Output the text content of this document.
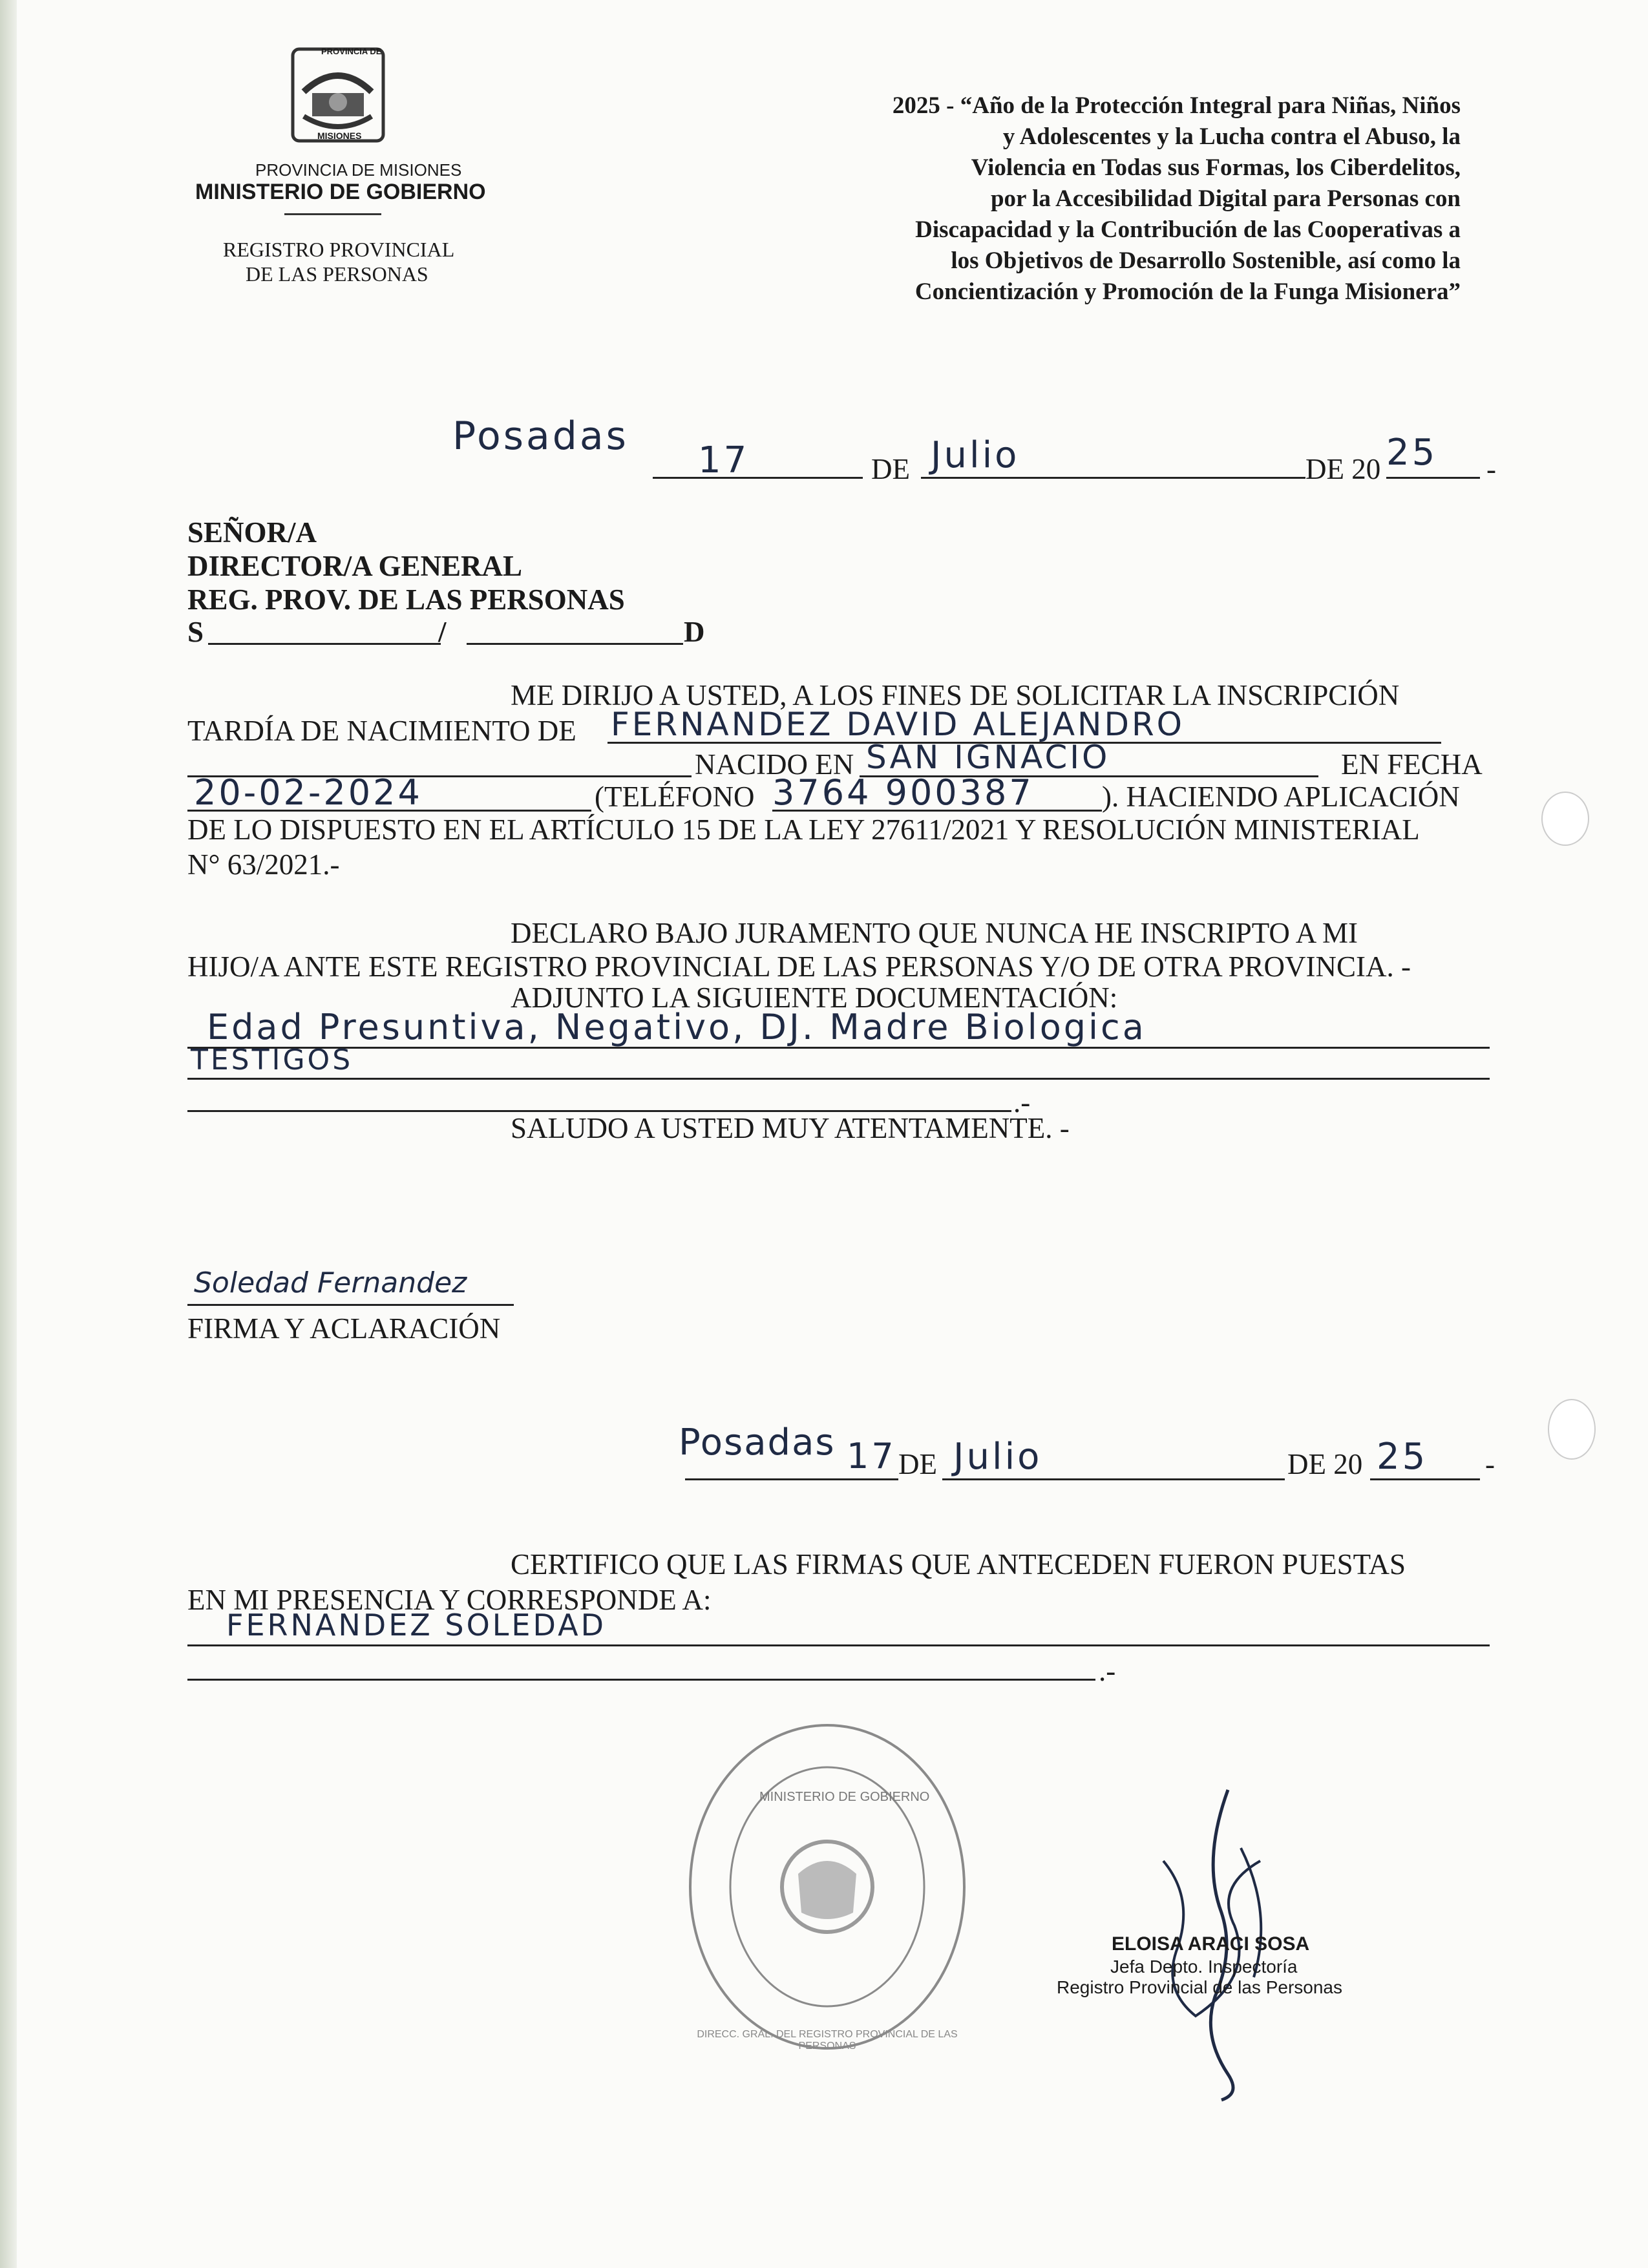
PROVINCIA DE
MISIONES
PROVINCIA DE MISIONES
MINISTERIO DE GOBIERNO
REGISTRO PROVINCIAL
DE LAS PERSONAS
2025 - “Año de la Protección Integral para Niñas, Niños
y Adolescentes y la Lucha contra el Abuso, la
Violencia en Todas sus Formas, los Ciberdelitos,
por la Accesibilidad Digital para Personas con
Discapacidad y la Contribución de las Cooperativas a
los Objetivos de Desarrollo Sostenible, así como la
Concientización y Promoción de la Funga Misionera”
Posadas
17	DE Julio	DE 20 25 -
SEÑOR/A
DIRECTOR/A GENERAL
REG. PROV. DE LAS PERSONAS
S	/	D
ME DIRIJO A USTED, A LOS FINES DE SOLICITAR LA INSCRIPCIÓN
TARDÍA DE NACIMIENTO DE FERNANDEZ DAVID ALEJANDRO
NACIDO EN SAN IGNACIO	EN FECHA
20-02-2024	(TELÉFONO 3764 900387 ). HACIENDO APLICACIÓN
DE LO DISPUESTO EN EL ARTÍCULO 15 DE LA LEY 27611/2021 Y RESOLUCIÓN MINISTERIAL
N° 63/2021.-
DECLARO BAJO JURAMENTO QUE NUNCA HE INSCRIPTO A MI
HIJO/A ANTE ESTE REGISTRO PROVINCIAL DE LAS PERSONAS Y/O DE OTRA PROVINCIA. -
ADJUNTO LA SIGUIENTE DOCUMENTACIÓN:
Edad Presuntiva, Negativo, DJ. Madre Biologica
TESTIGOS
.-
SALUDO A USTED MUY ATENTAMENTE. -
Soledad Fernandez
FIRMA Y ACLARACIÓN
Posadas 17 DE Julio	DE 20 25 -
CERTIFICO QUE LAS FIRMAS QUE ANTECEDEN FUERON PUESTAS
EN MI PRESENCIA Y CORRESPONDE A:
FERNANDEZ SOLEDAD
.-
MINISTERIO DE GOBIERNO
DIRECC. GRAL. DEL REGISTRO PROVINCIAL DE LAS PERSONAS
ELOISA ARACI SOSA
Jefa Depto. Inspectoría
Registro Provincial de las Personas
